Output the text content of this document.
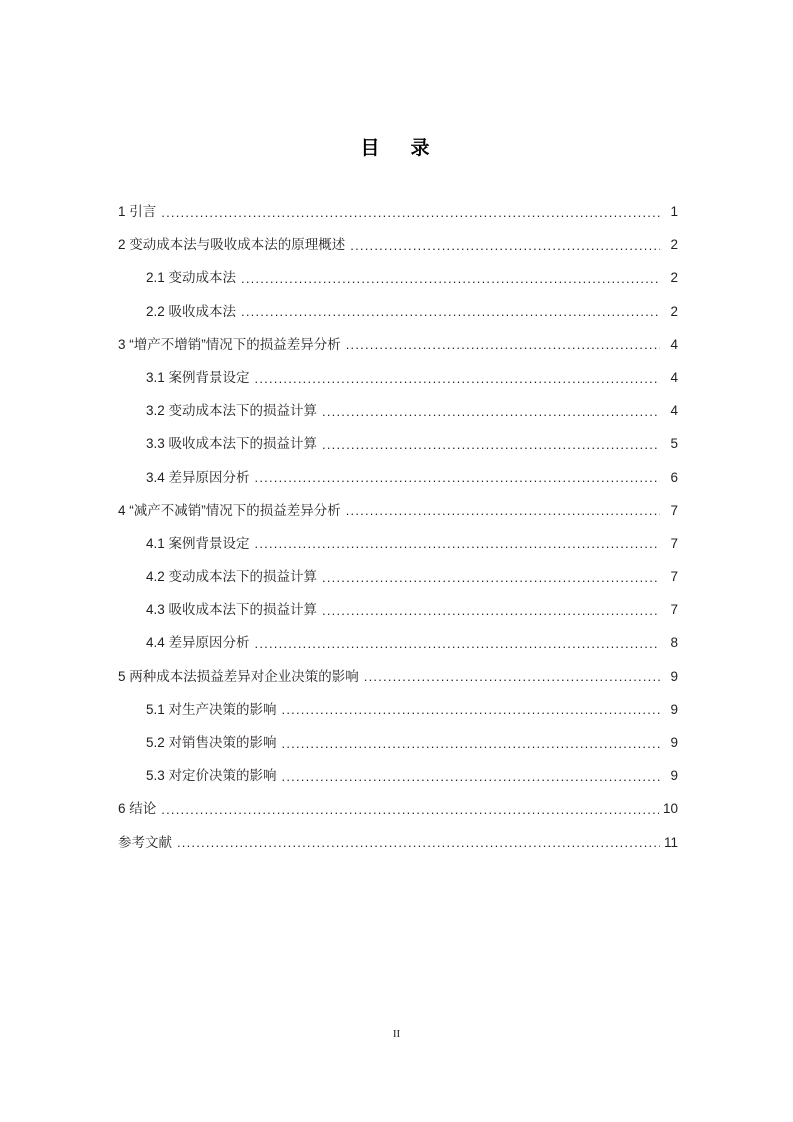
目　录
1 引言 .....	1
2 变动成本法与吸收成本法的原理概述 .....	2
2.1 变动成本法 .....	2
2.2 吸收成本法 .....	2
3 “增产不增销”情况下的损益差异分析 .....	4
3.1 案例背景设定 .....	4
3.2 变动成本法下的损益计算 .....	4
3.3 吸收成本法下的损益计算 .....	5
3.4 差异原因分析 .....	6
4 “减产不减销”情况下的损益差异分析 .....	7
4.1 案例背景设定 .....	7
4.2 变动成本法下的损益计算 .....	7
4.3 吸收成本法下的损益计算 .....	7
4.4 差异原因分析 .....	8
5 两种成本法损益差异对企业决策的影响 .....	9
5.1 对生产决策的影响 .....	9
5.2 对销售决策的影响 .....	9
5.3 对定价决策的影响 .....	9
6 结论 .....	10
参考文献 .....	11
II
